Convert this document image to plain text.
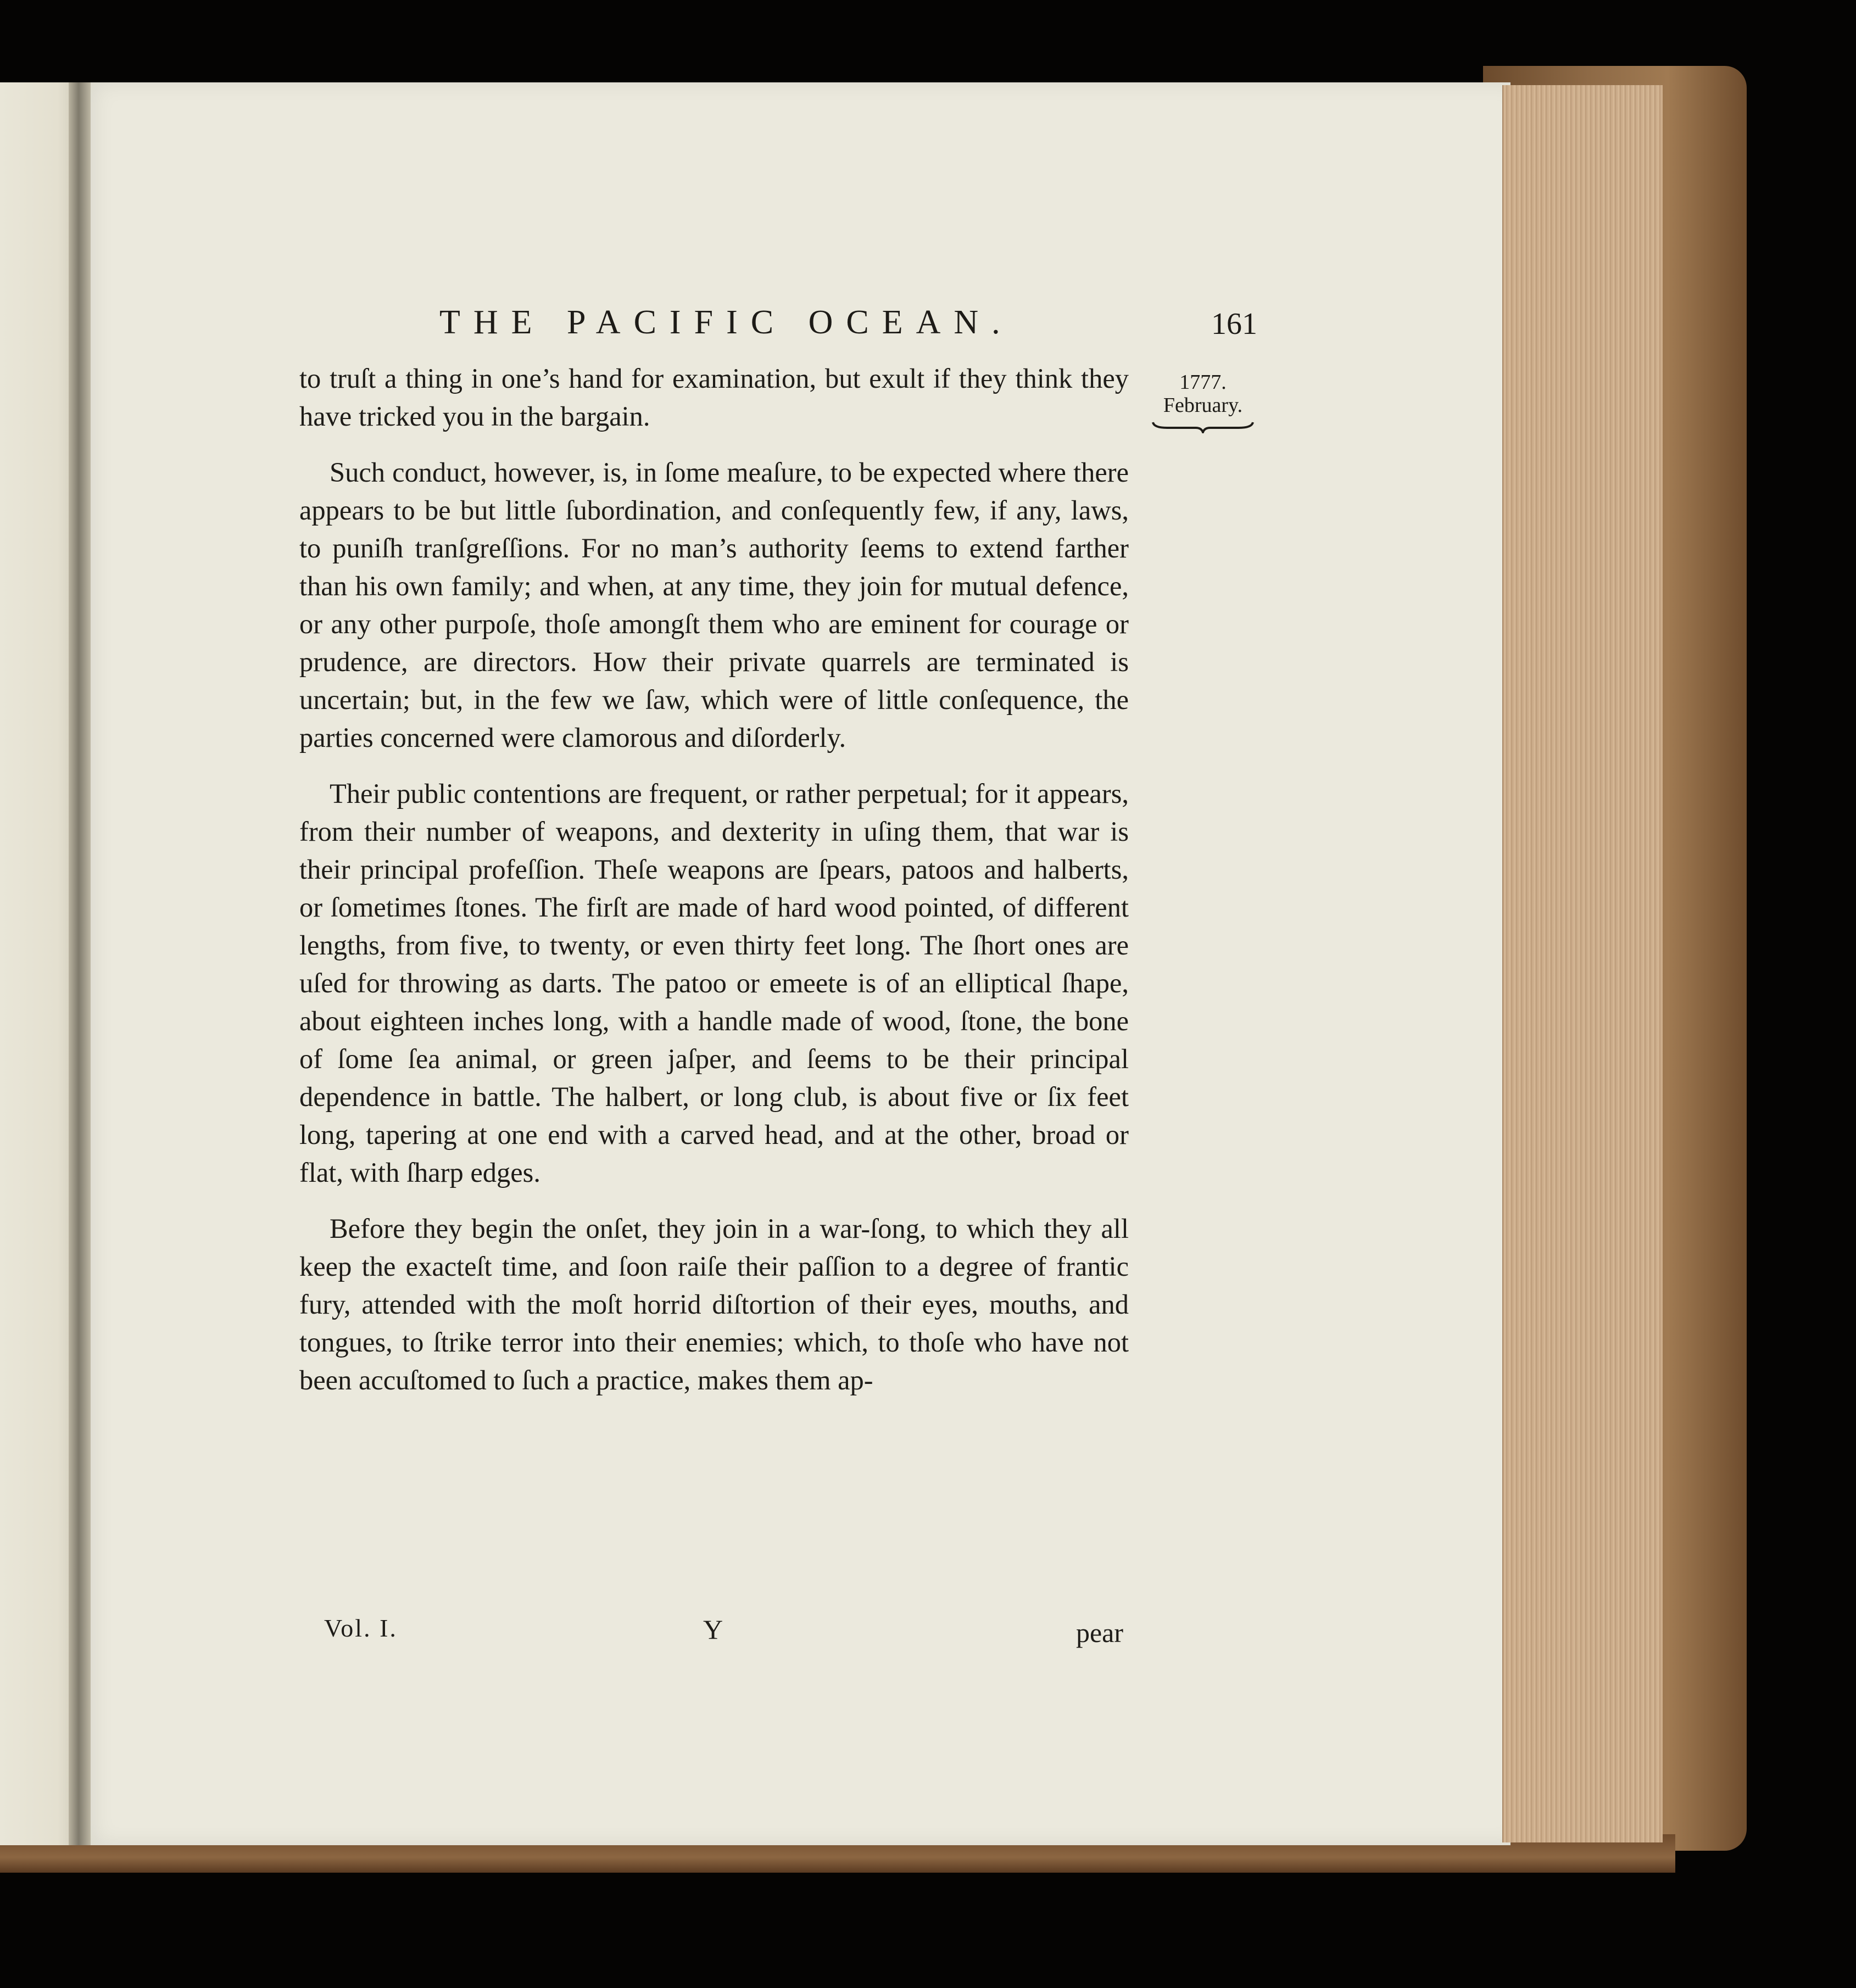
THE PACIFIC OCEAN.	161
1777.
February.

to truſt a thing in one’s hand for examination, but exult if they think they have tricked you in the bargain.

Such conduct, however, is, in ſome meaſure, to be expected where there appears to be but little ſubordination, and conſequently few, if any, laws, to puniſh tranſgreſſions. For no man’s authority ſeems to extend farther than his own family; and when, at any time, they join for mutual defence, or any other purpoſe, thoſe amongſt them who are eminent for courage or prudence, are directors. How their private quarrels are terminated is uncertain; but, in the few we ſaw, which were of little conſequence, the parties concerned were clamorous and diſorderly.

Their public contentions are frequent, or rather perpetual; for it appears, from their number of weapons, and dexterity in uſing them, that war is their principal profeſſion. Theſe weapons are ſpears, patoos and halberts, or ſometimes ſtones. The firſt are made of hard wood pointed, of different lengths, from five, to twenty, or even thirty feet long. The ſhort ones are uſed for throwing as darts. The patoo or emeete is of an elliptical ſhape, about eighteen inches long, with a handle made of wood, ſtone, the bone of ſome ſea animal, or green jaſper, and ſeems to be their principal dependence in battle. The halbert, or long club, is about five or ſix feet long, tapering at one end with a carved head, and at the other, broad or flat, with ſharp edges.

Before they begin the onſet, they join in a war-ſong, to which they all keep the exacteſt time, and ſoon raiſe their paſſion to a degree of frantic fury, attended with the moſt horrid diſtortion of their eyes, mouths, and tongues, to ſtrike terror into their enemies; which, to thoſe who have not been accuſtomed to ſuch a practice, makes them ap-

Vol. I.	Y	pear
